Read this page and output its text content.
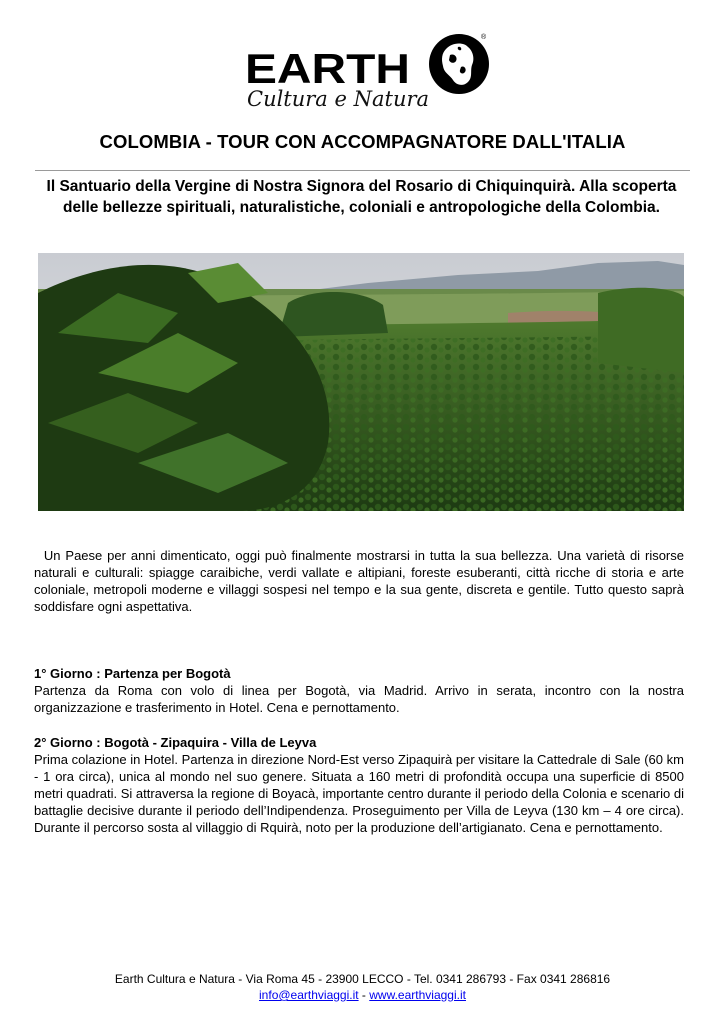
EARTH
®
Cultura e Natura
COLOMBIA - TOUR CON ACCOMPAGNATORE DALL'ITALIA
Il Santuario della Vergine di Nostra Signora del Rosario di Chiquinquirà. Alla scoperta delle bellezze spirituali, naturalistiche, coloniali e antropologiche della Colombia.
Un Paese per anni dimenticato, oggi può finalmente mostrarsi in tutta la sua bellezza. Una varietà di risorse naturali e culturali: spiagge caraibiche, verdi vallate e altipiani, foreste esuberanti, città ricche di storia e arte coloniale, metropoli moderne e villaggi sospesi nel tempo e la sua gente, discreta e gentile. Tutto questo saprà soddisfare ogni aspettativa.
1° Giorno : Partenza per Bogotà
Partenza da Roma con volo di linea per Bogotà, via Madrid. Arrivo in serata, incontro con la nostra organizzazione e trasferimento in Hotel. Cena e pernottamento.
2° Giorno : Bogotà - Zipaquira - Villa de Leyva
Prima colazione in Hotel. Partenza in direzione Nord-Est verso Zipaquirà per visitare la Cattedrale di Sale (60 km - 1 ora circa), unica al mondo nel suo genere. Situata a 160 metri di profondità occupa una superficie di 8500 metri quadrati. Si attraversa la regione di Boyacà, importante centro durante il periodo della Colonia e scenario di battaglie decisive durante il periodo dell’Indipendenza. Proseguimento per Villa de Leyva (130 km – 4 ore circa). Durante il percorso sosta al villaggio di Rquirà, noto per la produzione dell’artigianato. Cena e pernottamento.
Earth Cultura e Natura - Via Roma 45 - 23900 LECCO - Tel. 0341 286793 - Fax 0341 286816
info@earthviaggi.it - www.earthviaggi.it
